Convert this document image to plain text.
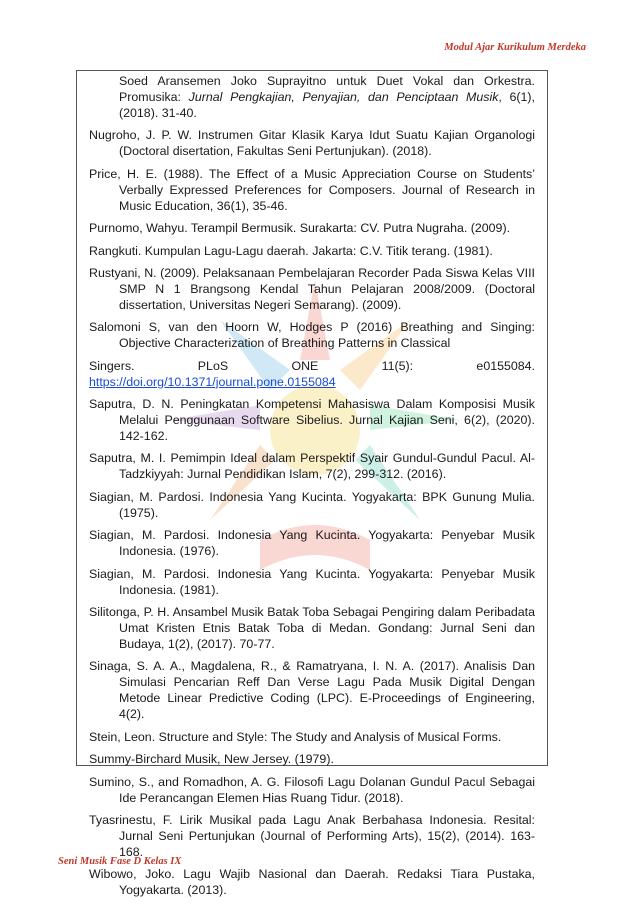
Modul Ajar Kurikulum Merdeka
Soed Aransemen Joko Suprayitno untuk Duet Vokal dan Orkestra. Promusika: Jurnal Pengkajian, Penyajian, dan Penciptaan Musik, 6(1), (2018). 31-40.
Nugroho, J. P. W. Instrumen Gitar Klasik Karya Idut Suatu Kajian Organologi (Doctoral disertation, Fakultas Seni Pertunjukan). (2018).
Price, H. E. (1988). The Effect of a Music Appreciation Course on Students’ Verbally Expressed Preferences for Composers. Journal of Research in Music Education, 36(1), 35-46.
Purnomo, Wahyu. Terampil Bermusik. Surakarta: CV. Putra Nugraha. (2009).
Rangkuti. Kumpulan Lagu-Lagu daerah. Jakarta: C.V. Titik terang. (1981).
Rustyani, N. (2009). Pelaksanaan Pembelajaran Recorder Pada Siswa Kelas VIII SMP N 1 Brangsong Kendal Tahun Pelajaran 2008/2009. (Doctoral dissertation, Universitas Negeri Semarang). (2009).
Salomoni S, van den Hoorn W, Hodges P (2016) Breathing and Singing: Objective Characterization of Breathing Patterns in Classical
Singers. PLoS ONE 11(5): e0155084. https://doi.org/10.1371/journal.pone.0155084
Saputra, D. N. Peningkatan Kompetensi Mahasiswa Dalam Komposisi Musik Melalui Penggunaan Software Sibelius. Jurnal Kajian Seni, 6(2), (2020). 142-162.
Saputra, M. I. Pemimpin Ideal dalam Perspektif Syair Gundul-Gundul Pacul. Al-Tadzkiyyah: Jurnal Pendidikan Islam, 7(2), 299-312. (2016).
Siagian, M. Pardosi. Indonesia Yang Kucinta. Yogyakarta: BPK Gunung Mulia. (1975).
Siagian, M. Pardosi. Indonesia Yang Kucinta. Yogyakarta: Penyebar Musik Indonesia. (1976).
Siagian, M. Pardosi. Indonesia Yang Kucinta. Yogyakarta: Penyebar Musik Indonesia. (1981).
Silitonga, P. H. Ansambel Musik Batak Toba Sebagai Pengiring dalam Peribadata Umat Kristen Etnis Batak Toba di Medan. Gondang: Jurnal Seni dan Budaya, 1(2), (2017). 70-77.
Sinaga, S. A. A., Magdalena, R., & Ramatryana, I. N. A. (2017). Analisis Dan Simulasi Pencarian Reff Dan Verse Lagu Pada Musik Digital Dengan Metode Linear Predictive Coding (LPC). E-Proceedings of Engineering, 4(2).
Stein, Leon. Structure and Style: The Study and Analysis of Musical Forms.
Summy-Birchard Musik, New Jersey. (1979).
Sumino, S., and Romadhon, A. G. Filosofi Lagu Dolanan Gundul Pacul Sebagai Ide Perancangan Elemen Hias Ruang Tidur. (2018).
Tyasrinestu, F. Lirik Musikal pada Lagu Anak Berbahasa Indonesia. Resital: Jurnal Seni Pertunjukan (Journal of Performing Arts), 15(2), (2014). 163-168.
Wibowo, Joko. Lagu Wajib Nasional dan Daerah. Redaksi Tiara Pustaka, Yogyakarta. (2013).
Seni Musik Fase D Kelas IX
